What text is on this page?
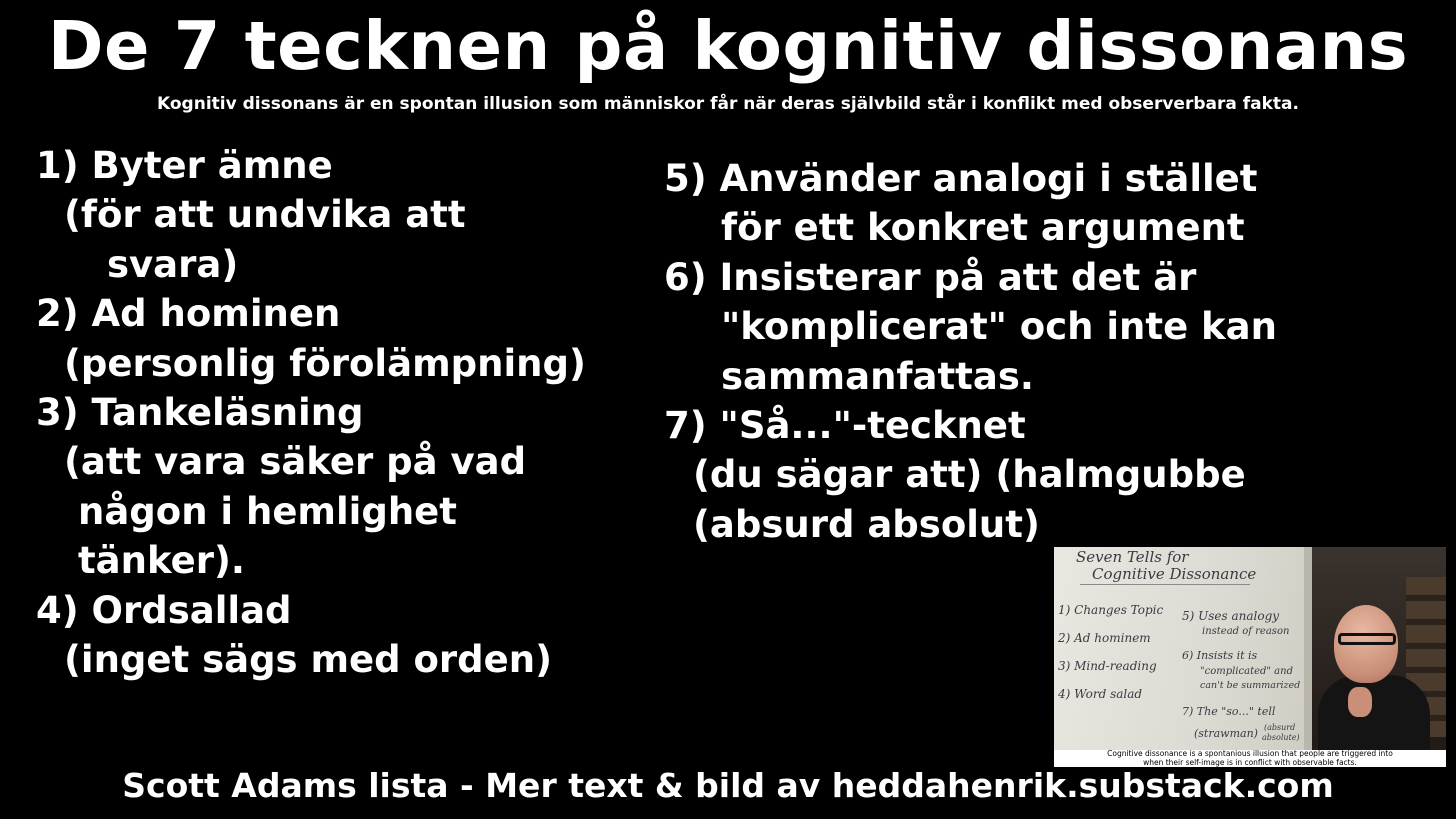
De 7 tecknen på kognitiv dissonans
Kognitiv dissonans är en spontan illusion som människor får när deras självbild står i konflikt med observerbara fakta.
1) Byter ämne
(för att undvika att
svara)
2) Ad hominen
(personlig förolämpning)
3) Tankeläsning
(att vara säker på vad
någon i hemlighet
tänker).
4) Ordsallad
(inget sägs med orden)
5) Använder analogi i stället
för ett konkret argument
6) Insisterar på att det är
"komplicerat" och inte kan
sammanfattas.
7) "Så..."-tecknet
(du sägar att) (halmgubbe
(absurd absolut)
Seven Tells for
Cognitive Dissonance
1) Changes Topic
2) Ad hominem
3) Mind-reading
4) Word salad
5) Uses analogy
instead of reason
6) Insists it is
"complicated" and
can't be summarized
7) The "so..." tell
(strawman) (absurd
absolute)
Cognitive dissonance is a spontanious illusion that people are triggered into
when their self-image is in conflict with observable facts.
Scott Adams lista - Mer text & bild av heddahenrik.substack.com
